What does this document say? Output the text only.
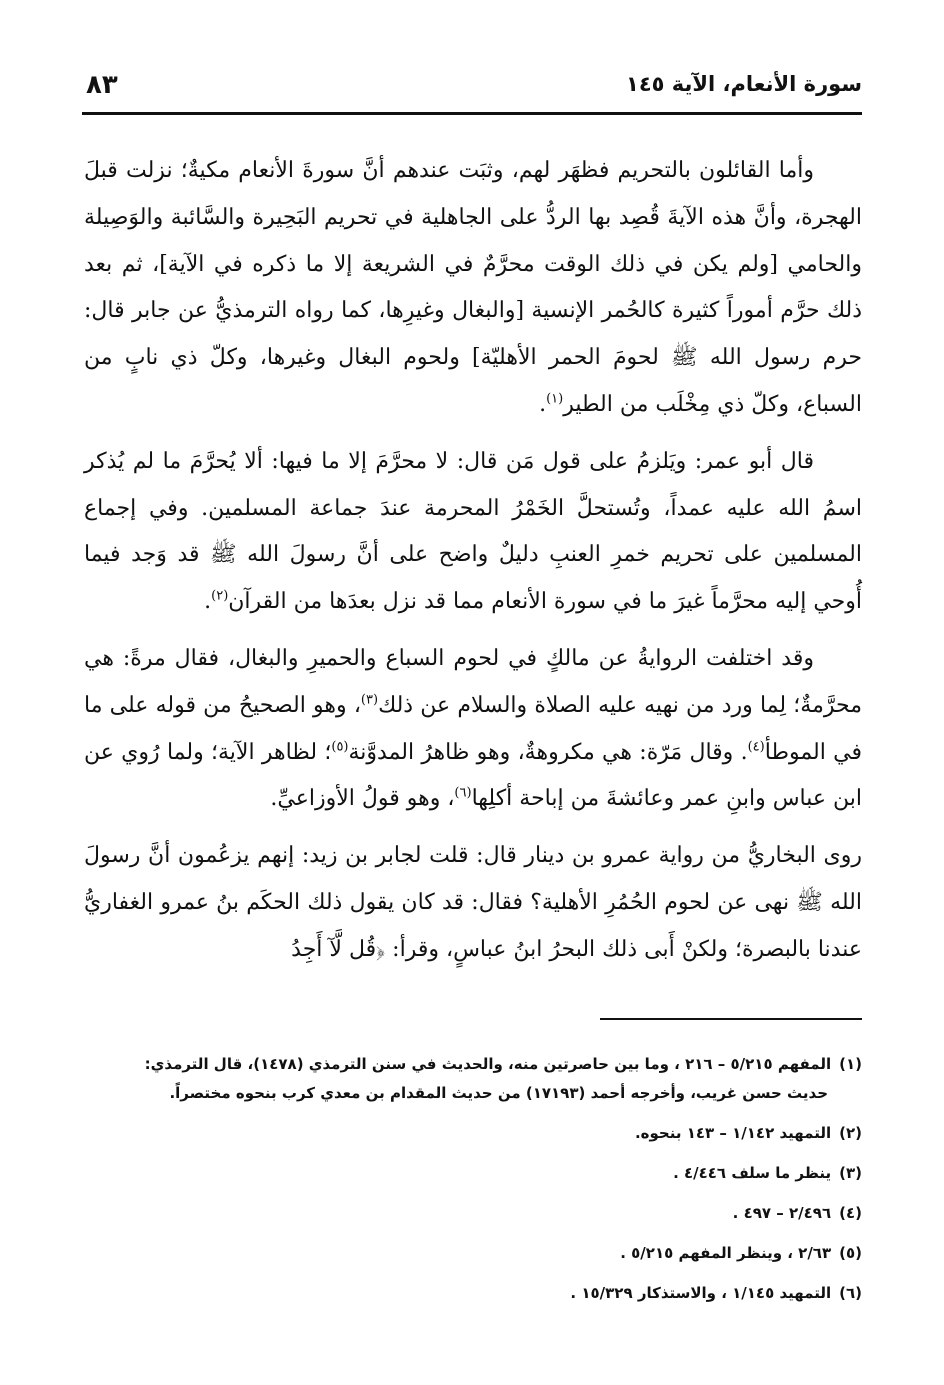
سورة الأنعام، الآية ١٤٥
٨٣

وأما القائلون بالتحريم فظهَر لهم، وثبَت عندهم أنَّ سورةَ الأنعام مكيةٌ؛ نزلت قبلَ الهجرة، وأنَّ هذه الآيةَ قُصِد بها الردُّ على الجاهلية في تحريم البَحِيرة والسَّائبة والوَصِيلة والحامي [ولم يكن في ذلك الوقت محرَّمٌ في الشريعة إلا ما ذكره في الآية]، ثم بعد ذلك حرَّم أموراً كثيرة كالحُمر الإنسية [والبغال وغيرِها، كما رواه الترمذيُّ عن جابر قال: حرم رسول الله ﷺ لحومَ الحمر الأهليّة] ولحوم البغال وغيرها، وكلّ ذي نابٍ من السباع، وكلّ ذي مِخْلَب من الطير$^{(١)}$.

قال أبو عمر: ويَلزمُ على قول مَن قال: لا محرَّمَ إلا ما فيها: ألا يُحرَّمَ ما لم يُذكر اسمُ الله عليه عمداً، وتُستحلَّ الخَمْرُ المحرمة عندَ جماعة المسلمين. وفي إجماع المسلمين على تحريم خمرِ العنبِ دليلٌ واضح على أنَّ رسولَ الله ﷺ قد وَجد فيما أُوحي إليه محرَّماً غيرَ ما في سورة الأنعام مما قد نزل بعدَها من القرآن$^{(٢)}$.

وقد اختلفت الروايةُ عن مالكٍ في لحوم السباع والحميرِ والبغال، فقال مرةً: هي محرَّمةٌ؛ لِما ورد من نهيه عليه الصلاة والسلام عن ذلك$^{(٣)}$، وهو الصحيحُ من قوله على ما في الموطأ$^{(٤)}$. وقال مَرّة: هي مكروهةٌ، وهو ظاهرُ المدوَّنة$^{(٥)}$؛ لظاهر الآية؛ ولما رُوي عن ابن عباس وابنِ عمر وعائشةَ من إباحة أكلِها$^{(٦)}$، وهو قولُ الأوزاعيِّ.

روى البخاريُّ من رواية عمرو بن دينار قال: قلت لجابر بن زيد: إنهم يزعُمون أنَّ رسولَ الله ﷺ نهى عن لحوم الحُمُرِ الأهلية؟ فقال: قد كان يقول ذلك الحكَم بنُ عمرو الغفاريُّ عندنا بالبصرة؛ ولكنْ أَبى ذلك البحرُ ابنُ عباسٍ، وقرأ: ﴿قُل لَّآ أَجِدُ

(١)المفهم ٥/٢١٥ – ٢١٦ ، وما بين حاصرتين منه، والحديث في سنن الترمذي (١٤٧٨)، قال الترمذي:
حديث حسن غريب، وأخرجه أحمد (١٧١٩٣) من حديث المقدام بن معدي كرب بنحوه مختصراً.
(٢)التمهيد ١/١٤٢ – ١٤٣ بنحوه.
(٣)ينظر ما سلف ٤/٤٤٦ .
(٤)٢/٤٩٦ – ٤٩٧ .
(٥)٢/٦٣ ، وينظر المفهم ٥/٢١٥ .
(٦)التمهيد ١/١٤٥ ، والاستذكار ١٥/٣٢٩ .
